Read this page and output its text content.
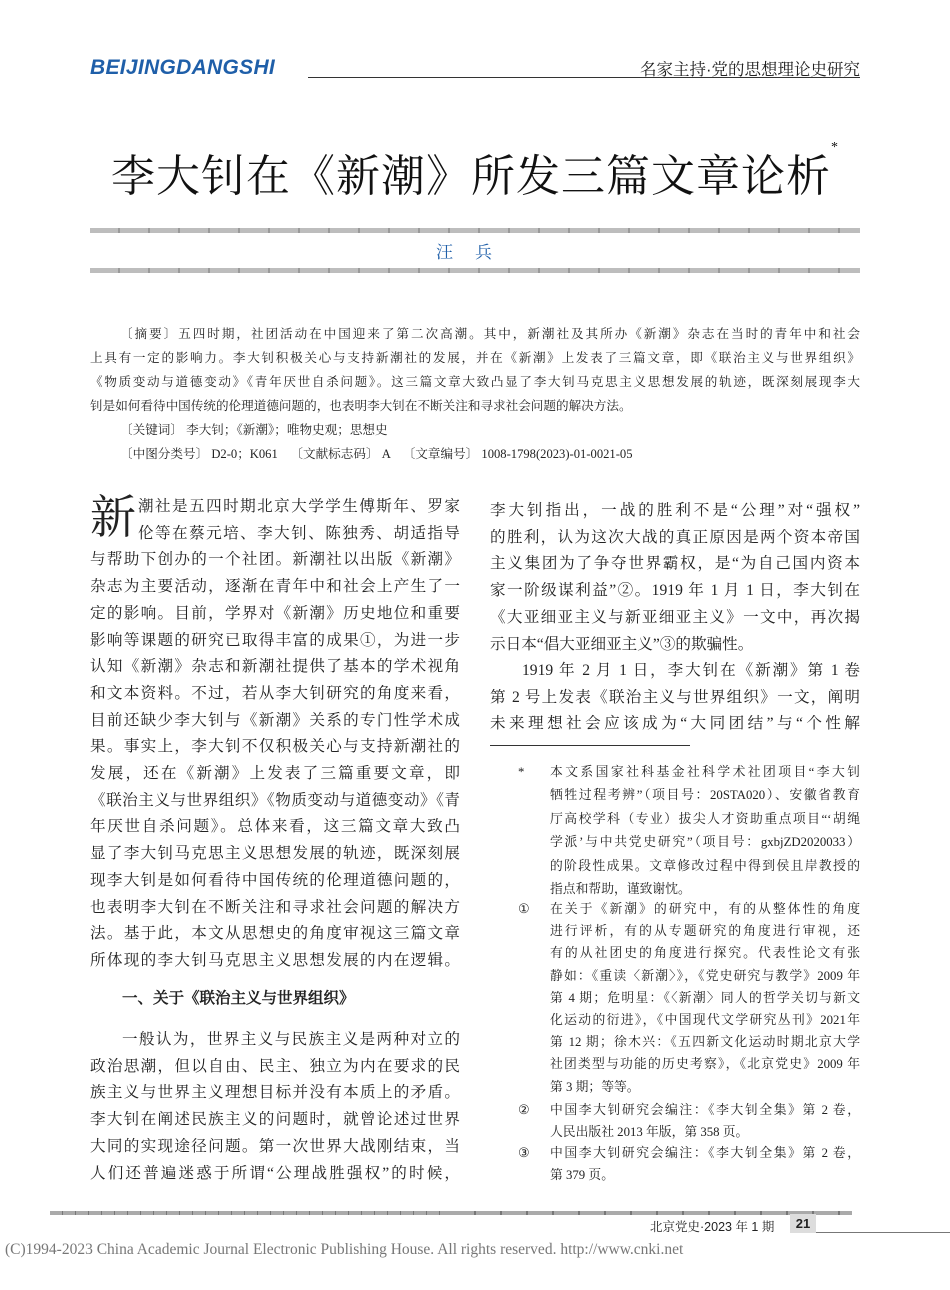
BEIJINGDANGSHI	名家主持·党的思想理论史研究
李大钊在《新潮》所发三篇文章论析*
汪兵
〔摘要〕五四时期，社团活动在中国迎来了第二次高潮。其中，新潮社及其所办《新潮》杂志在当时的青年中和社会
上具有一定的影响力。李大钊积极关心与支持新潮社的发展，并在《新潮》上发表了三篇文章，即《联治主义与世界组织》
《物质变动与道德变动》《青年厌世自杀问题》。这三篇文章大致凸显了李大钊马克思主义思想发展的轨迹，既深刻展现李大
钊是如何看待中国传统的伦理道德问题的，也表明李大钊在不断关注和寻求社会问题的解决方法。
〔关键词〕 李大钊；《新潮》；唯物史观；思想史
〔中图分类号〕 D2-0；K061 〔文献标志码〕 A 〔文章编号〕 1008-1798(2023)-01-0021-05
新 潮社是五四时期北京大学学生傅斯年、罗家
伦等在蔡元培、李大钊、陈独秀、胡适指导
与帮助下创办的一个社团。新潮社以出版《新潮》
杂志为主要活动，逐渐在青年中和社会上产生了一
定的影响。目前，学界对《新潮》历史地位和重要
影响等课题的研究已取得丰富的成果①，为进一步
认知《新潮》杂志和新潮社提供了基本的学术视角
和文本资料。不过，若从李大钊研究的角度来看，
目前还缺少李大钊与《新潮》关系的专门性学术成
果。事实上，李大钊不仅积极关心与支持新潮社的
发展，还在《新潮》上发表了三篇重要文章，即
《联治主义与世界组织》《物质变动与道德变动》《青
年厌世自杀问题》。总体来看，这三篇文章大致凸
显了李大钊马克思主义思想发展的轨迹，既深刻展
现李大钊是如何看待中国传统的伦理道德问题的，
也表明李大钊在不断关注和寻求社会问题的解决方
法。基于此，本文从思想史的角度审视这三篇文章
所体现的李大钊马克思主义思想发展的内在逻辑。
一般认为，世界主义与民族主义是两种对立的
政治思潮，但以自由、民主、独立为内在要求的民
族主义与世界主义理想目标并没有本质上的矛盾。
李大钊在阐述民族主义的问题时，就曾论述过世界
大同的实现途径问题。第一次世界大战刚结束，当
人们还普遍迷惑于所谓“公理战胜强权”的时候，
李大钊指出，一战的胜利不是“公理”对“强权”
的胜利，认为这次大战的真正原因是两个资本帝国
主义集团为了争夺世界霸权，是“为自己国内资本
家一阶级谋利益”②。1919 年 1 月 1 日，李大钊在
《大亚细亚主义与新亚细亚主义》一文中，再次揭
示日本“倡大亚细亚主义”③的欺骗性。
1919 年 2 月 1 日，李大钊在《新潮》第 1 卷
第 2 号上发表《联治主义与世界组织》一文，阐明
未来理想社会应该成为“大同团结”与“个性解
一、关于《联治主义与世界组织》
* 本文系国家社科基金社科学术社团项目“李大钊
牺牲过程考辨”（项目号：20STA020）、安徽省教育
厅高校学科（专业）拔尖人才资助重点项目“‘胡绳
学派’与中共党史研究”（项目号：gxbjZD2020033）
的阶段性成果。文章修改过程中得到侯且岸教授的
指点和帮助，谨致谢忱。
① 在关于《新潮》的研究中，有的从整体性的角度
进行评析，有的从专题研究的角度进行审视，还
有的从社团史的角度进行探究。代表性论文有张
静如：《重读〈新潮〉》，《党史研究与教学》2009 年
第 4 期；危明星：《〈新潮〉同人的哲学关切与新文
化运动的衍进》，《中国现代文学研究丛刊》2021年
第 12 期；徐木兴：《五四新文化运动时期北京大学
社团类型与功能的历史考察》，《北京党史》2009 年
第 3 期；等等。
② 中国李大钊研究会编注：《李大钊全集》第 2 卷，
人民出版社 2013 年版，第 358 页。
③ 中国李大钊研究会编注：《李大钊全集》第 2 卷，
第 379 页。
北京党史·2023 年 1 期	21
(C)1994-2023 China Academic Journal Electronic Publishing House. All rights reserved. http://www.cnki.net
